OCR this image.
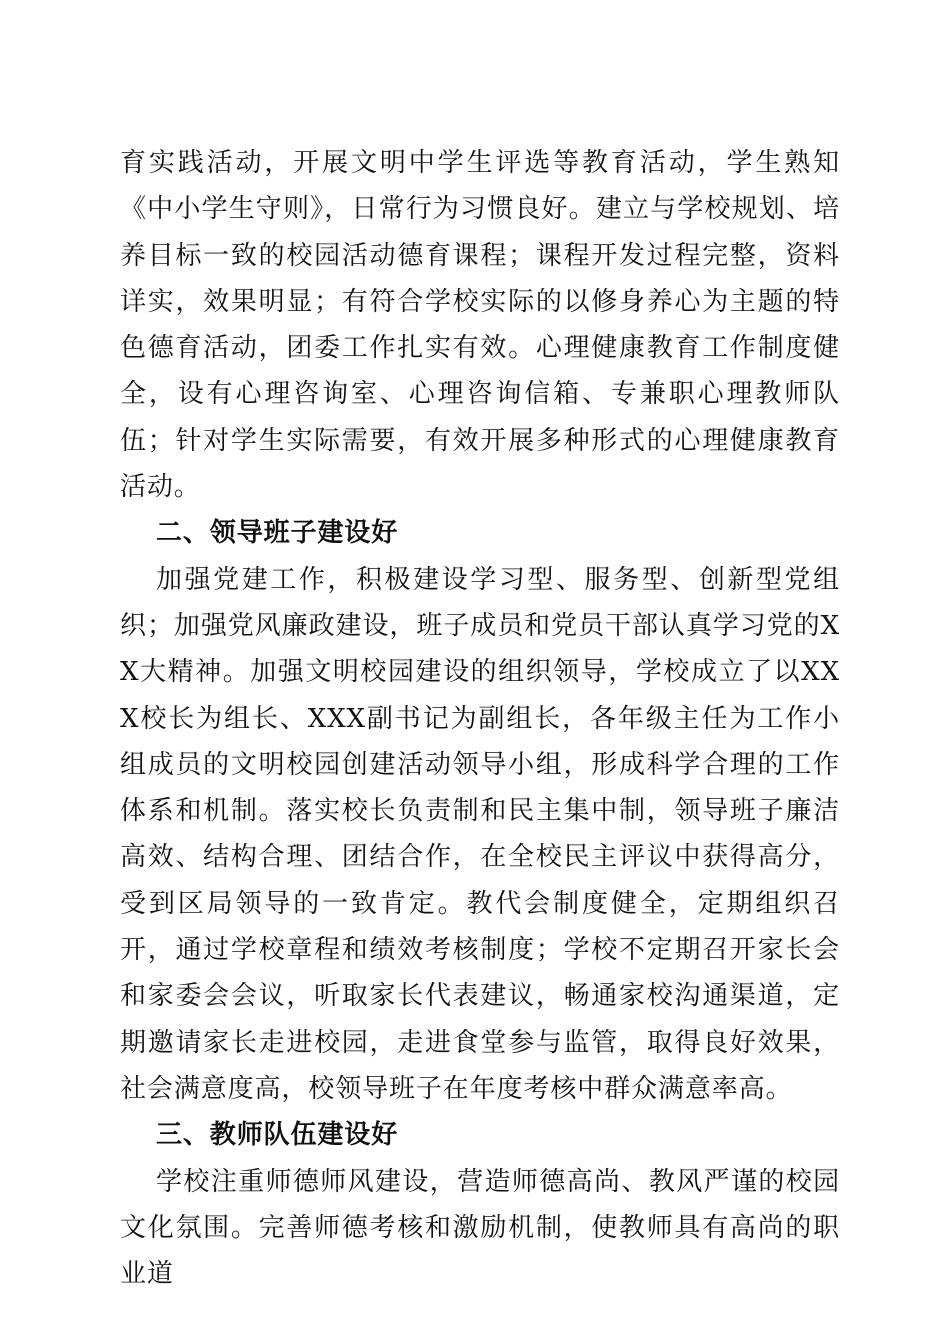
育实践活动，开展文明中学生评选等教育活动，学生熟知《中小学生守则》，日常行为习惯良好。建立与学校规划、培养目标一致的校园活动德育课程；课程开发过程完整，资料详实，效果明显；有符合学校实际的以修身养心为主题的特色德育活动，团委工作扎实有效。心理健康教育工作制度健全，设有心理咨询室、心理咨询信箱、专兼职心理教师队伍；针对学生实际需要，有效开展多种形式的心理健康教育活动。

二、领导班子建设好

加强党建工作，积极建设学习型、服务型、创新型党组织；加强党风廉政建设，班子成员和党员干部认真学习党的XX大精神。加强文明校园建设的组织领导，学校成立了以XXX校长为组长、XXX副书记为副组长，各年级主任为工作小组成员的文明校园创建活动领导小组，形成科学合理的工作体系和机制。落实校长负责制和民主集中制，领导班子廉洁高效、结构合理、团结合作，在全校民主评议中获得高分，受到区局领导的一致肯定。教代会制度健全，定期组织召开，通过学校章程和绩效考核制度；学校不定期召开家长会和家委会会议，听取家长代表建议，畅通家校沟通渠道，定期邀请家长走进校园，走进食堂参与监管，取得良好效果，社会满意度高，校领导班子在年度考核中群众满意率高。

三、教师队伍建设好

学校注重师德师风建设，营造师德高尚、教风严谨的校园文化氛围。完善师德考核和激励机制，使教师具有高尚的职业道
